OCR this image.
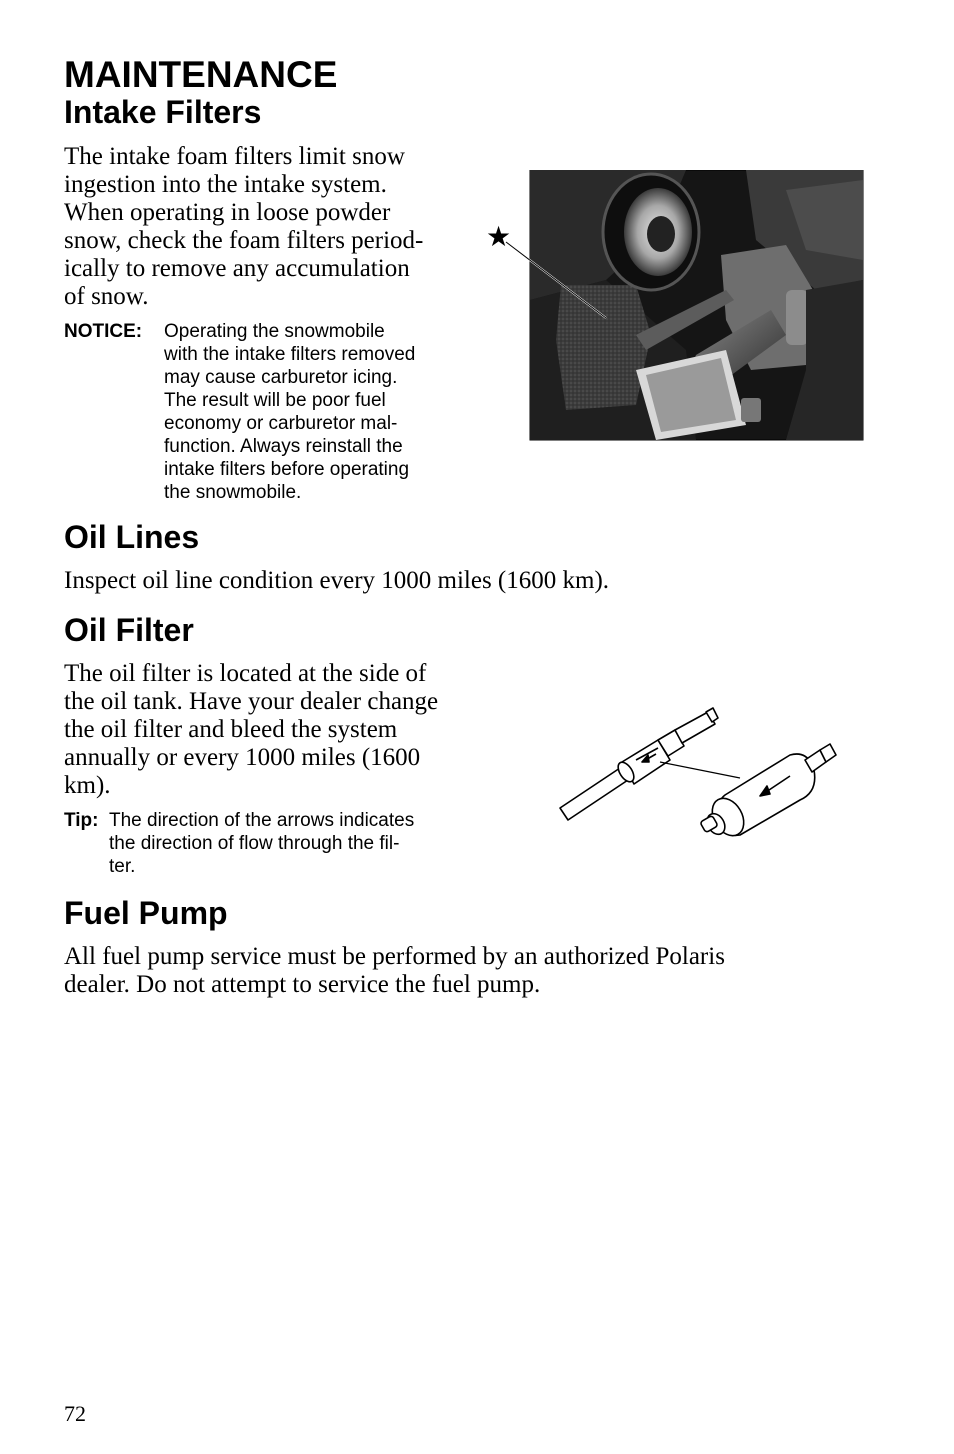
MAINTENANCE
Intake Filters
The intake foam filters limit snow
ingestion into the intake system.
When operating in loose powder
snow, check the foam filters period-
ically to remove any accumulation
of snow.
NOTICE: Operating the snowmobile
with the intake filters removed
may cause carburetor icing.
The result will be poor fuel
economy or carburetor mal-
function. Always reinstall the
intake filters before operating
the snowmobile.
★
Oil Lines

Inspect oil line condition every 1000 miles (1600 km).

Oil Filter
The oil filter is located at the side of
the oil tank. Have your dealer change
the oil filter and bleed the system
annually or every 1000 miles (1600
km).
Tip: The direction of the arrows indicates
the direction of flow through the fil-
ter.
Fuel Pump
All fuel pump service must be performed by an authorized Polaris
dealer. Do not attempt to service the fuel pump.
72
